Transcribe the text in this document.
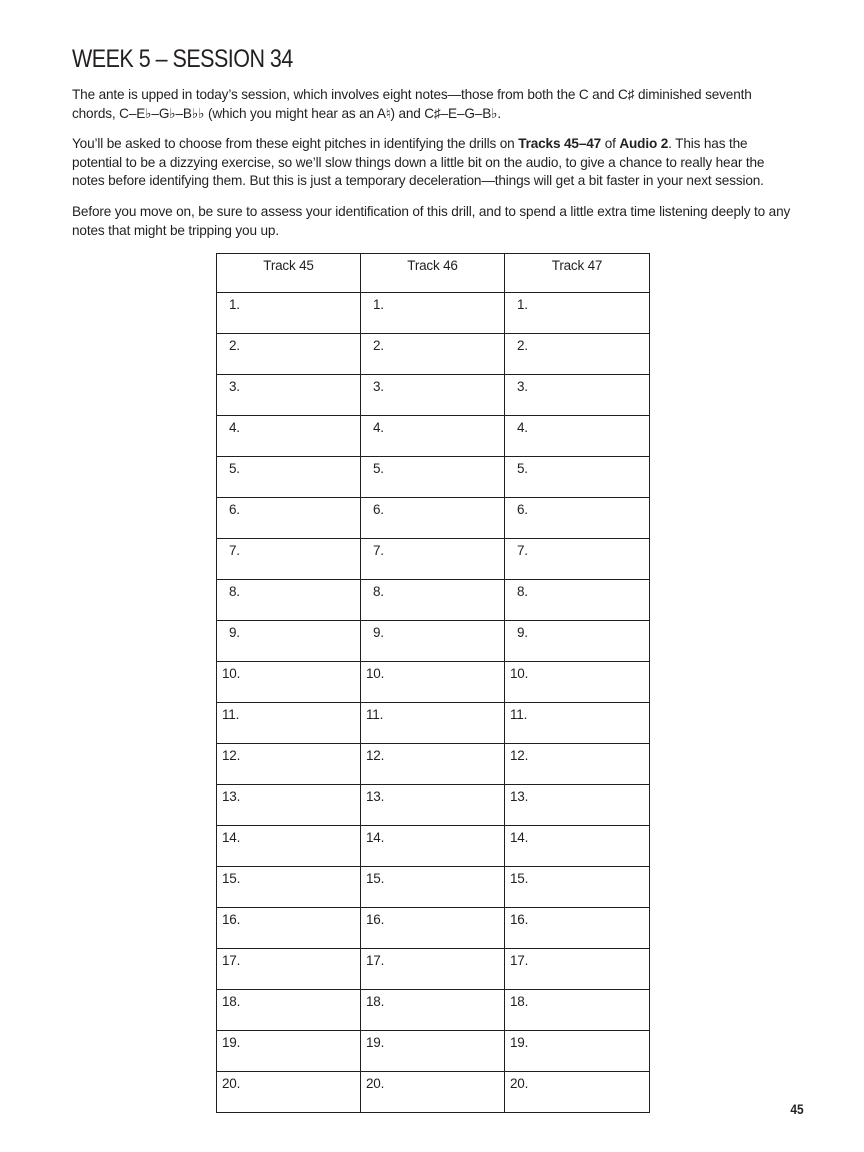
WEEK 5 – SESSION 34

The ante is upped in today’s session, which involves eight notes—those from both the C and C♯ diminished seventh chords, C–E♭–G♭–B♭♭ (which you might hear as an A♮) and C♯–E–G–B♭.

You’ll be asked to choose from these eight pitches in identifying the drills on Tracks 45–47 of Audio 2. This has the potential to be a dizzying exercise, so we’ll slow things down a little bit on the audio, to give a chance to really hear the notes before identifying them. But this is just a temporary deceleration—things will get a bit faster in your next session.

Before you move on, be sure to assess your identification of this drill, and to spend a little extra time listening deeply to any notes that might be tripping you up.

Track 45	Track 46	Track 47
1.	1.	1.
2.	2.	2.
3.	3.	3.
4.	4.	4.
5.	5.	5.
6.	6.	6.
7.	7.	7.
8.	8.	8.
9.	9.	9.
10.	10.	10.
11.	11.	11.
12.	12.	12.
13.	13.	13.
14.	14.	14.
15.	15.	15.
16.	16.	16.
17.	17.	17.
18.	18.	18.
19.	19.	19.
20.	20.	20.
45
